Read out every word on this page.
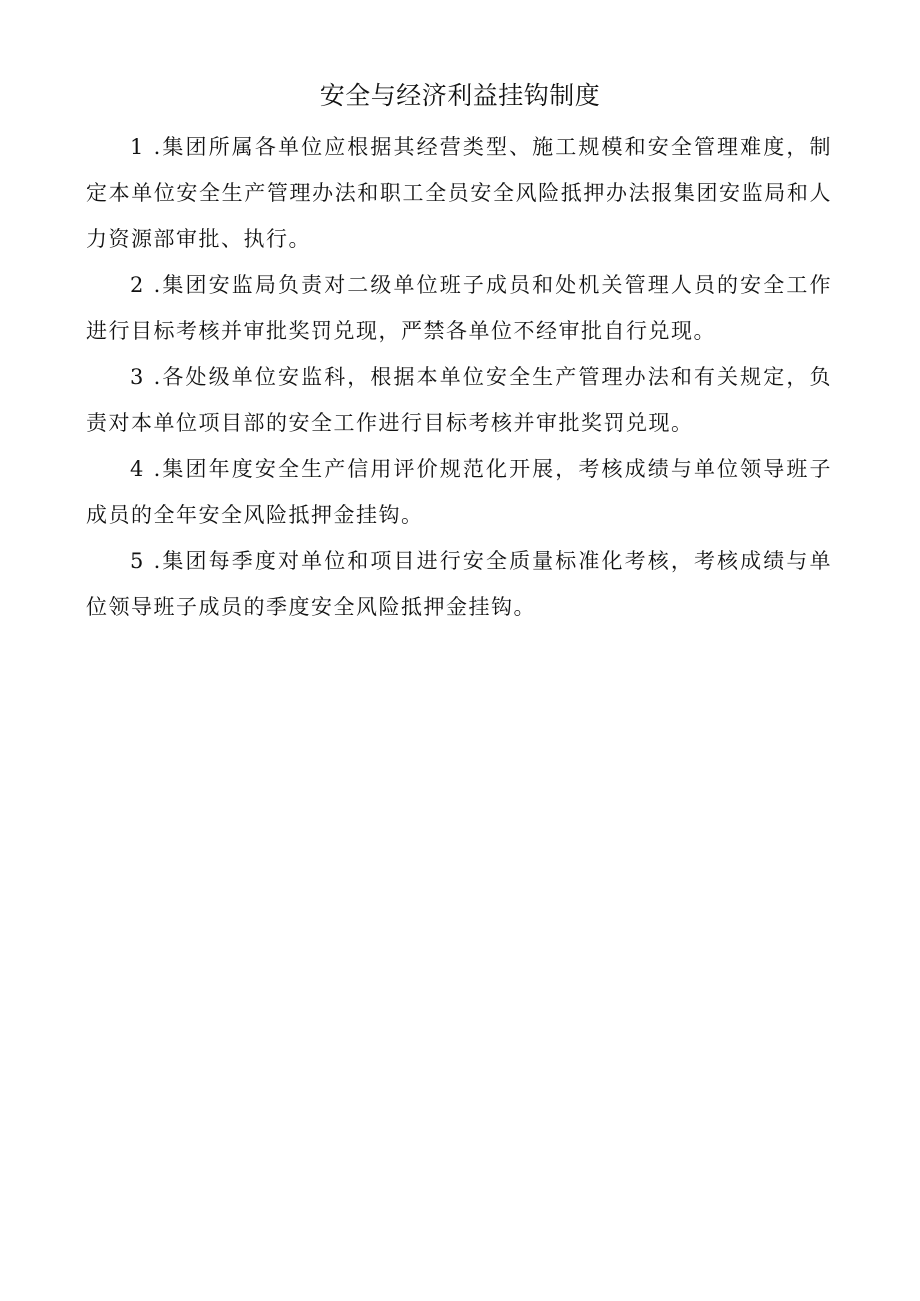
安全与经济利益挂钩制度

1 .集团所属各单位应根据其经营类型、施工规模和安全管理难度，制定本单位安全生产管理办法和职工全员安全风险抵押办法报集团安监局和人力资源部审批、执行。

2 .集团安监局负责对二级单位班子成员和处机关管理人员的安全工作进行目标考核并审批奖罚兑现，严禁各单位不经审批自行兑现。

3 .各处级单位安监科，根据本单位安全生产管理办法和有关规定，负责对本单位项目部的安全工作进行目标考核并审批奖罚兑现。

4 .集团年度安全生产信用评价规范化开展，考核成绩与单位领导班子成员的全年安全风险抵押金挂钩。

5 .集团每季度对单位和项目进行安全质量标准化考核，考核成绩与单位领导班子成员的季度安全风险抵押金挂钩。
